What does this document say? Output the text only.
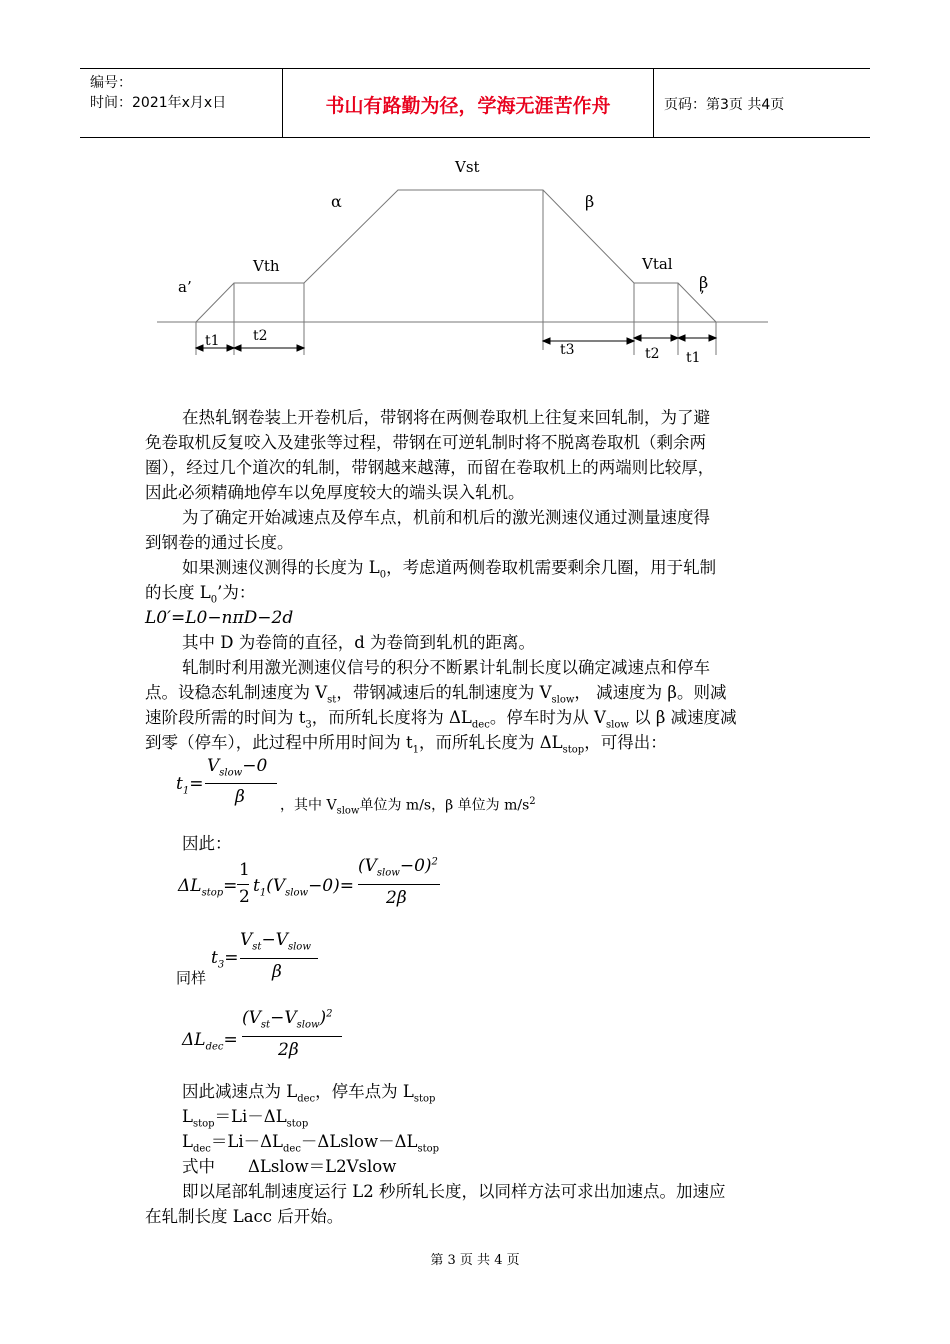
编号：
时间：2021年x月x日	书山有路勤为径，学海无涯苦作舟	页码：第3页 共4页
Vst
α	β
Vth	Vtal
a’	β
’
t1 t2
t3	t2 t1
在热轧钢卷装上开卷机后，带钢将在两侧卷取机上往复来回轧制，为了避
免卷取机反复咬入及建张等过程，带钢在可逆轧制时将不脱离卷取机（剩余两
圈），经过几个道次的轧制，带钢越来越薄，而留在卷取机上的两端则比较厚，
因此必须精确地停车以免厚度较大的端头误入轧机。
为了确定开始减速点及停车点，机前和机后的激光测速仪通过测量速度得
到钢卷的通过长度。
如果测速仪测得的长度为 $L_0$，考虑道两侧卷取机需要剩余几圈，用于轧制
的长度 $L_0$’为：
L0′=L0−nπD−2d
其中 D 为卷筒的直径，d 为卷筒到轧机的距离。
轧制时利用激光测速仪信号的积分不断累计轧制长度以确定减速点和停车
点。设稳态轧制速度为 $V_{st}$，带钢减速后的轧制速度为 $V_{slow}$， 减速度为 β。则减
速阶段所需的时间为 $t_3$，而所轧长度将为 $\Delta L_{dec}$。停车时为从 $V_{slow}$ 以 β 减速度减
到零（停车），此过程中所用时间为 $t_1$，而所轧长度为 $\Delta L_{stop}$，可得出：
$t_1=$
$V_{slow}-0$
β	，其中 $V_{slow}$单位为 m/s，β 单位为 $m/s^2$
因此：
$\Delta L_{stop}=$
1
2
$t_1(V_{slow}-0)=$
$(V_{slow}-0)^2$
2β
同样
$t_3=$
$V_{st}-V_{slow}$
β
$\Delta L_{dec}=$
$(V_{st}-V_{slow})^2$
2β
因此减速点为 $L_{dec}$，停车点为 $L_{stop}$
$L_{stop}=Li-\Delta L_{stop}$
$L_{dec}=Li-\Delta L_{dec}-\Delta Lslow-\Delta L_{stop}$
式中　　ΔLslow＝L2Vslow
即以尾部轧制速度运行 L2 秒所轧长度，以同样方法可求出加速点。加速应
在轧制长度 Lacc 后开始。
第 3 页 共 4 页
